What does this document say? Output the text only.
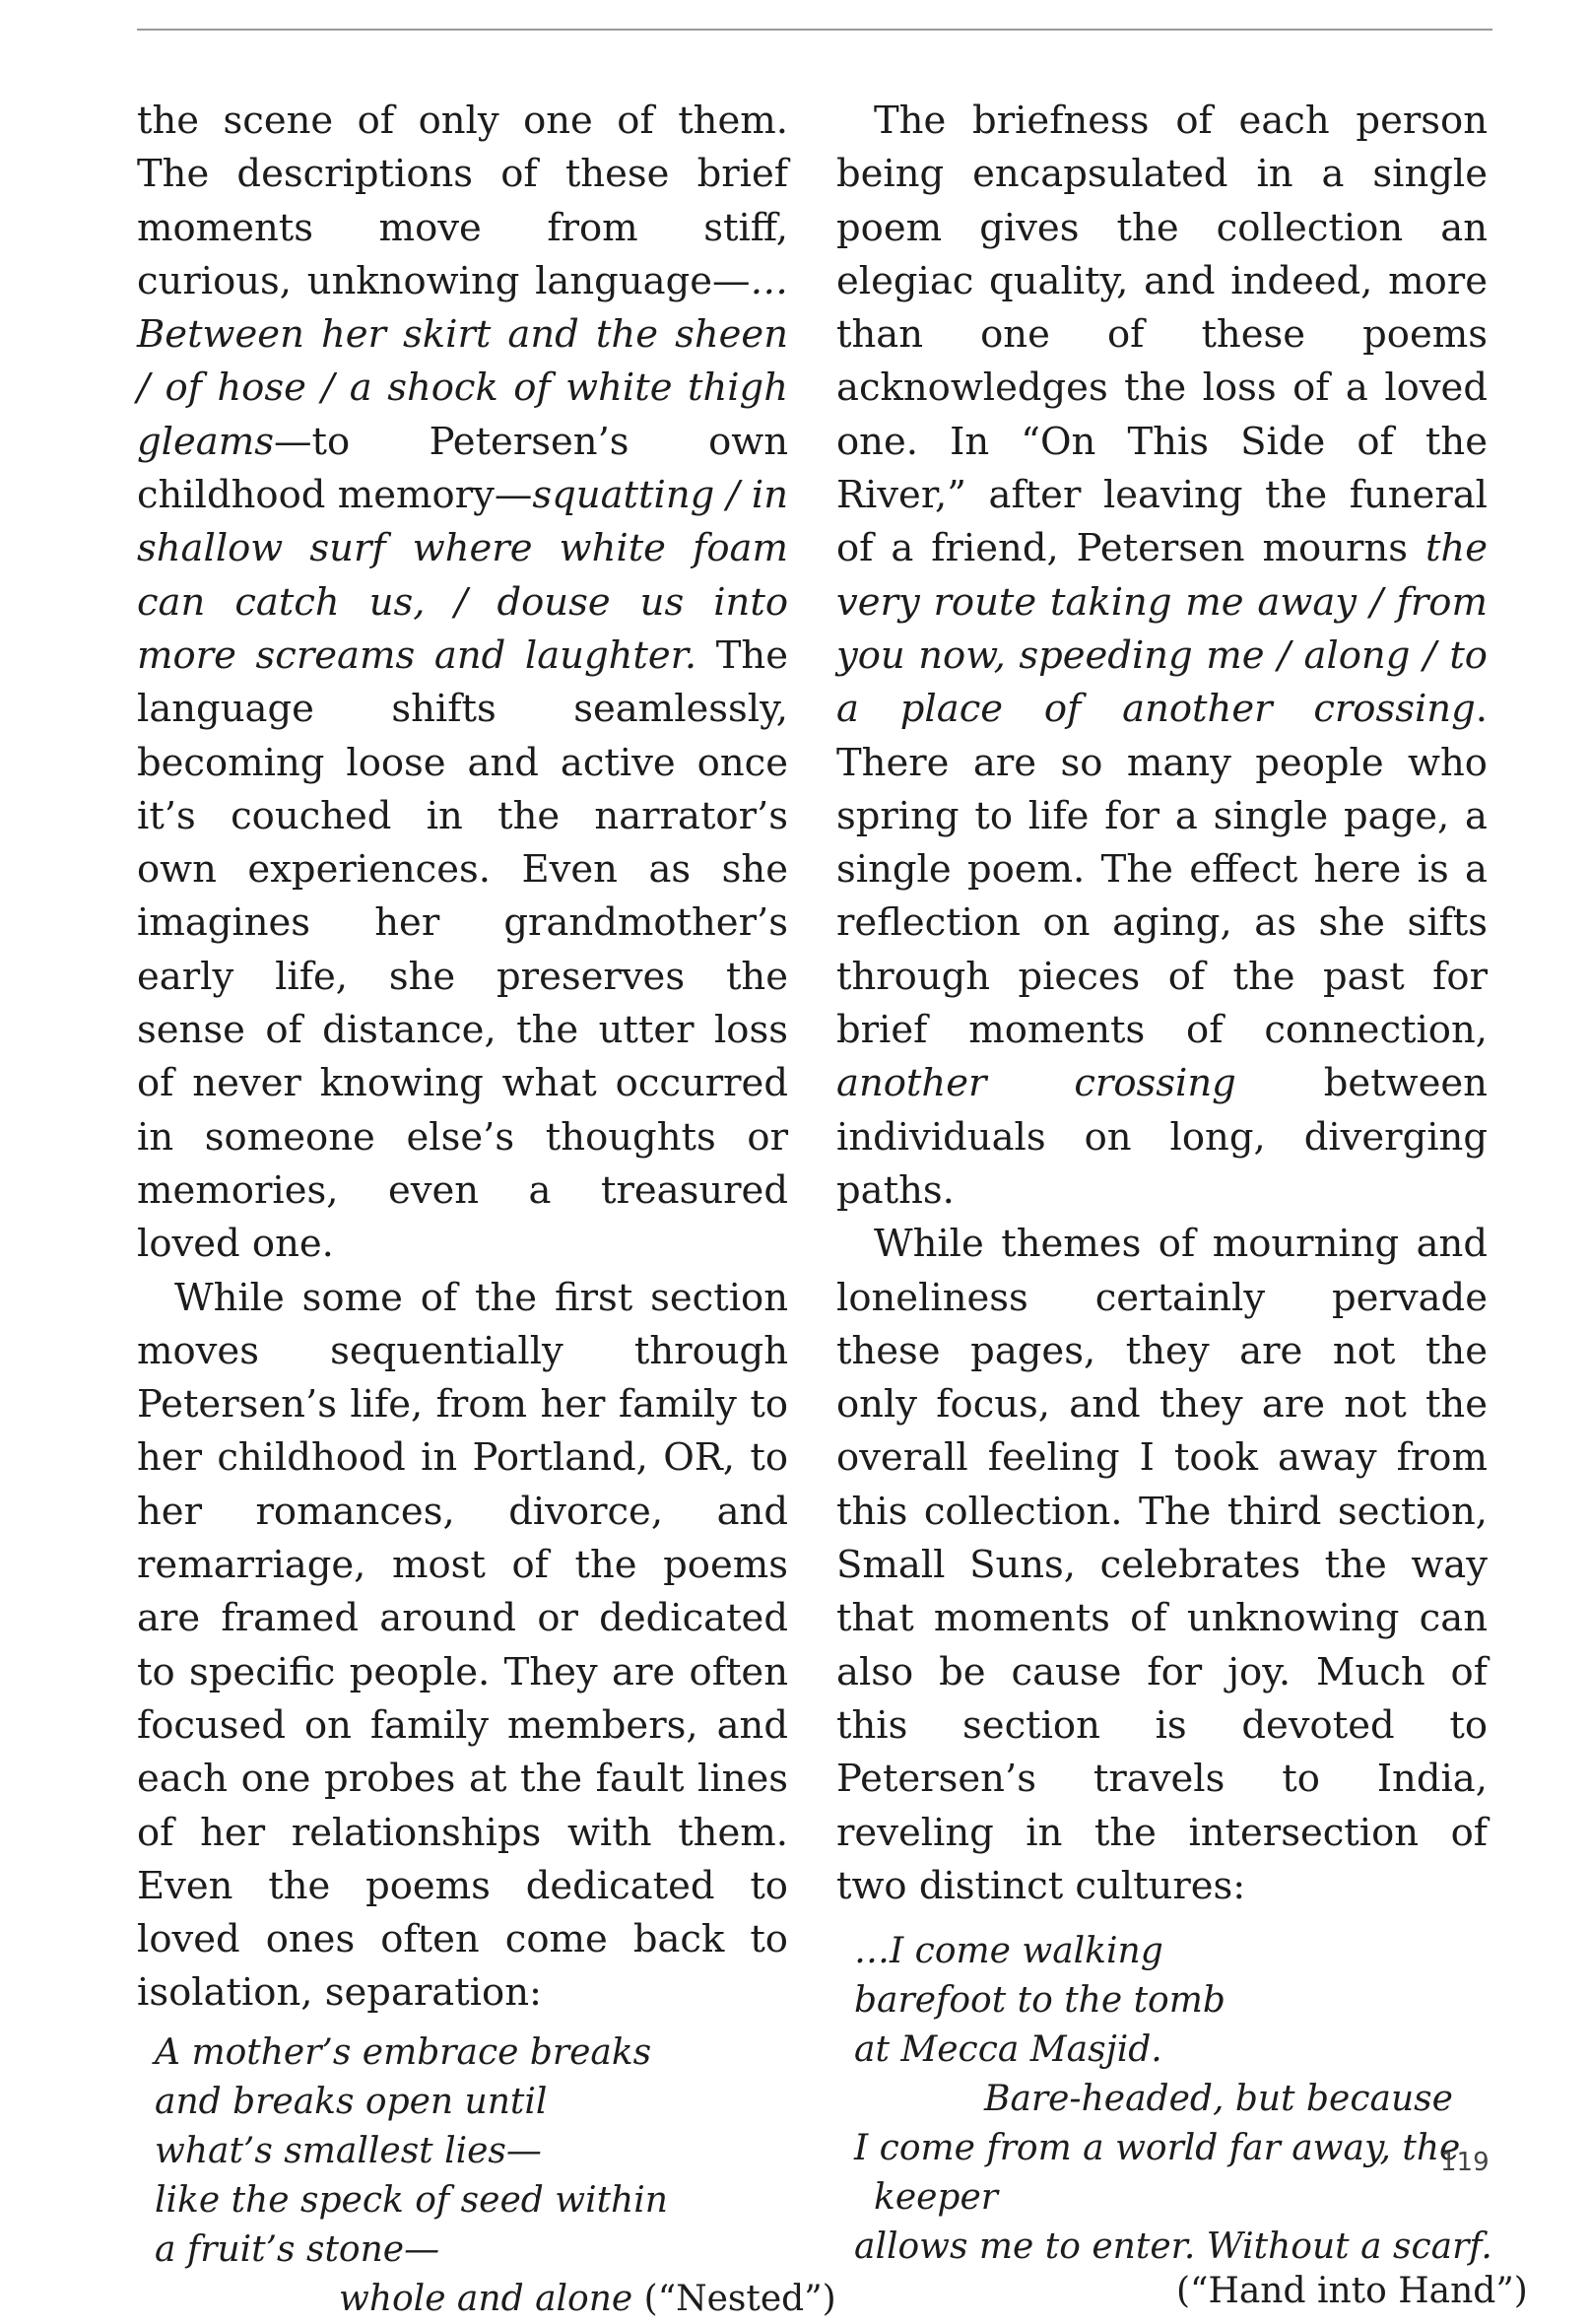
the scene of only one of them. The descriptions of these brief moments move from stiff, curious, unknowing language—…Between her skirt and the sheen / of hose / a shock of white thigh gleams—to Petersen’s own childhood memory—squatting / in shallow surf where white foam can catch us, / douse us into more screams and laughter. The language shifts seamlessly, becoming loose and active once it’s couched in the narrator’s own experiences. Even as she imagines her grandmother’s early life, she preserves the sense of distance, the utter loss of never knowing what occurred in someone else’s thoughts or memories, even a treasured loved one.

While some of the first section moves sequentially through Petersen’s life, from her family to her childhood in Portland, OR, to her romances, divorce, and remarriage, most of the poems are framed around or dedicated to specific people. They are often focused on family members, and each one probes at the fault lines of her relationships with them. Even the poems dedicated to loved ones often come back to isolation, separation:

A mother’s embrace breaks
and breaks open until
what’s smallest lies—
like the speck of seed within
a fruit’s stone—
whole and alone (“Nested”)

The briefness of each person being encapsulated in a single poem gives the collection an elegiac quality, and indeed, more than one of these poems acknowledges the loss of a loved one. In “On This Side of the River,” after leaving the funeral of a friend, Petersen mourns the very route taking me away / from you now, speeding me / along / to a place of another crossing. There are so many people who spring to life for a single page, a single poem. The effect here is a reflection on aging, as she sifts through pieces of the past for brief moments of connection, another crossing between individuals on long, diverging paths.

While themes of mourning and loneliness certainly pervade these pages, they are not the only focus, and they are not the overall feeling I took away from this collection. The third section, Small Suns, celebrates the way that moments of unknowing can also be cause for joy. Much of this section is devoted to Petersen’s travels to India, reveling in the intersection of two distinct cultures:

…I come walking
barefoot to the tomb
at Mecca Masjid.
Bare-headed, but because
I come from a world far away, the
keeper
allows me to enter. Without a scarf.
(“Hand into Hand”)
119
